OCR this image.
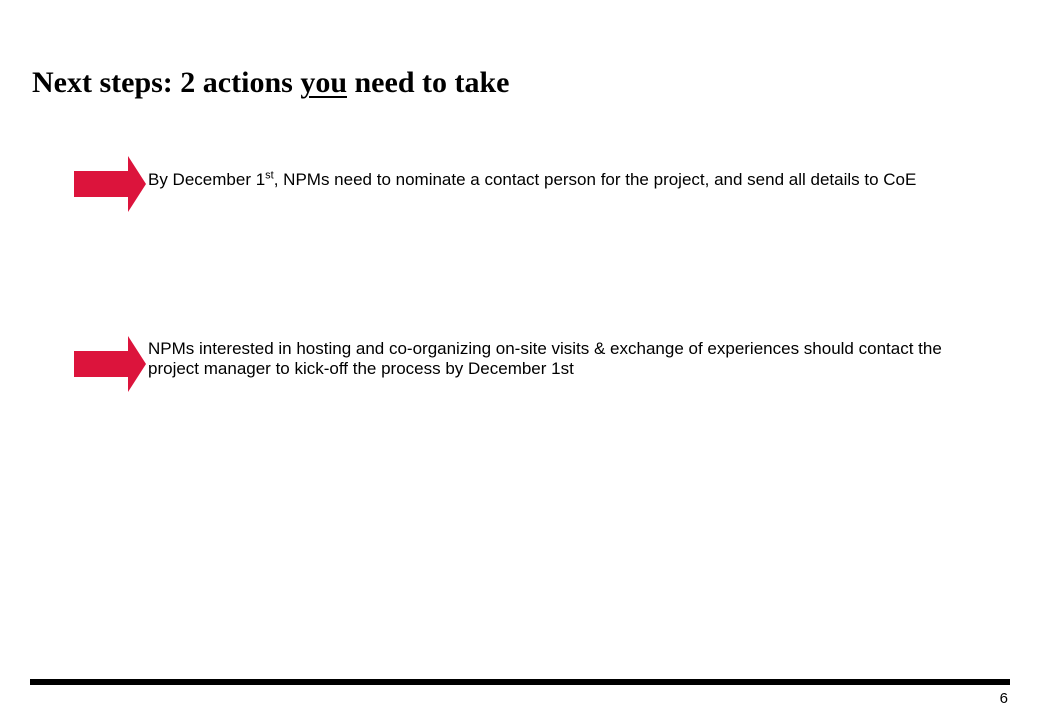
Next steps: 2 actions you need to take

By December 1st, NPMs need to nominate a contact person for the project, and send all details to CoE

NPMs interested in hosting and co-organizing on-site visits & exchange of experiences should contact the project manager to kick-off the process by December 1st

6
